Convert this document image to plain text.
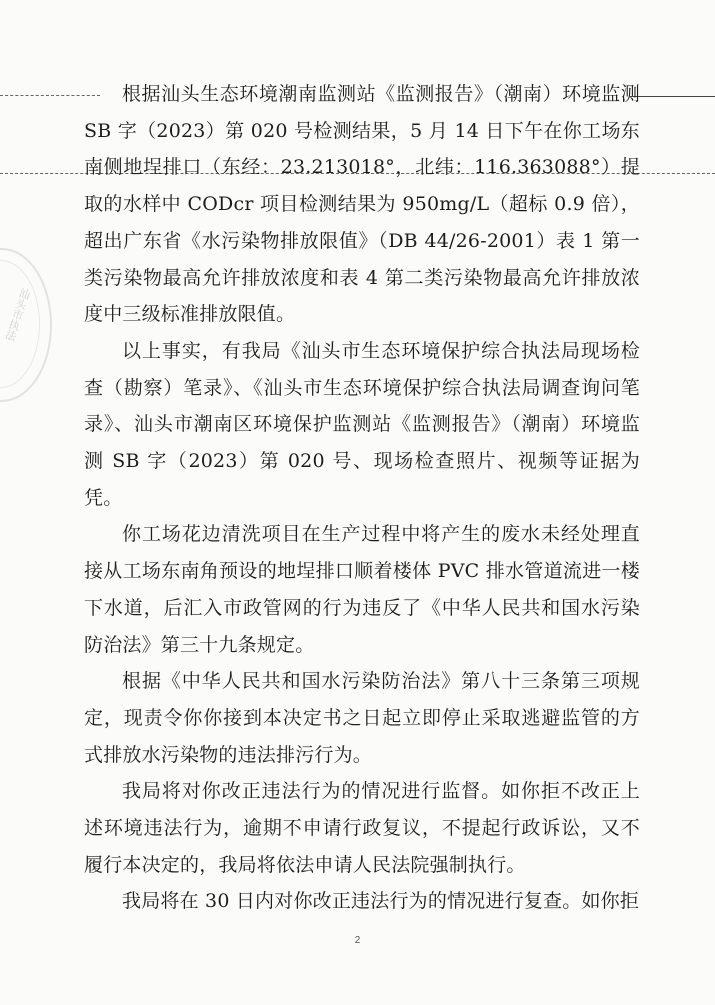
汕头市执法

根据汕头生态环境潮南监测站《监测报告》（潮南）环境监测 SB 字（2023）第 020 号检测结果，5 月 14 日下午在你工场东南侧地埕排口（东经：23.213018°，北纬：116.363088°）提取的水样中 CODcr 项目检测结果为 950mg/L（超标 0.9 倍），超出广东省《水污染物排放限值》（DB 44/26-2001）表 1 第一类污染物最高允许排放浓度和表 4 第二类污染物最高允许排放浓度中三级标准排放限值。

以上事实，有我局《汕头市生态环境保护综合执法局现场检查（勘察）笔录》、《汕头市生态环境保护综合执法局调查询问笔录》、汕头市潮南区环境保护监测站《监测报告》（潮南）环境监测 SB 字（2023）第 020 号、现场检查照片、视频等证据为凭。

你工场花边清洗项目在生产过程中将产生的废水未经处理直接从工场东南角预设的地埕排口顺着楼体 PVC 排水管道流进一楼下水道，后汇入市政管网的行为违反了《中华人民共和国水污染防治法》第三十九条规定。

根据《中华人民共和国水污染防治法》第八十三条第三项规定，现责令你你接到本决定书之日起立即停止采取逃避监管的方式排放水污染物的违法排污行为。

我局将对你改正违法行为的情况进行监督。如你拒不改正上述环境违法行为，逾期不申请行政复议，不提起行政诉讼，又不履行本决定的，我局将依法申请人民法院强制执行。

我局将在 30 日内对你改正违法行为的情况进行复查。如你拒

2
